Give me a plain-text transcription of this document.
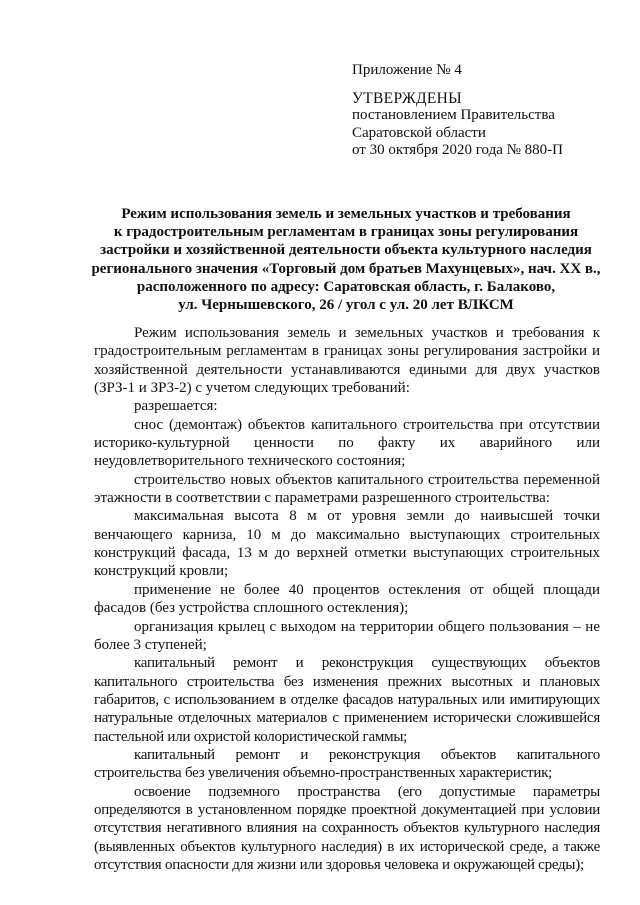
Приложение № 4
УТВЕРЖДЕНЫ
постановлением Правительства
Саратовской области
от 30 октября 2020 года № 880-П
Режим использования земель и земельных участков и требования
к градостроительным регламентам в границах зоны регулирования
застройки и хозяйственной деятельности объекта культурного наследия
регионального значения «Торговый дом братьев Махунцевых», нач. XX в.,
расположенного по адресу: Саратовская область, г. Балаково,
ул. Чернышевского, 26 / угол с ул. 20 лет ВЛКСМ

Режим использования земель и земельных участков и требования к градостроительным регламентам в границах зоны регулирования застройки и хозяйственной деятельности устанавливаются едиными для двух участков (ЗРЗ-1 и ЗРЗ-2) с учетом следующих требований:

разрешается:

снос (демонтаж) объектов капитального строительства при отсутствии историко-культурной ценности по факту их аварийного или неудовлетворительного технического состояния;

строительство новых объектов капитального строительства переменной этажности в соответствии с параметрами разрешенного строительства:

максимальная высота 8 м от уровня земли до наивысшей точки венчающего карниза, 10 м до максимально выступающих строительных конструкций фасада, 13 м до верхней отметки выступающих строительных конструкций кровли;

применение не более 40 процентов остекления от общей площади фасадов (без устройства сплошного остекления);

организация крылец с выходом на территории общего пользования – не более 3 ступеней;

капитальный ремонт и реконструкция существующих объектов капитального строительства без изменения прежних высотных и плановых габаритов, с использованием в отделке фасадов натуральных или имитирующих натуральные отделочных материалов с применением исторически сложившейся пастельной или охристой колористической гаммы;

капитальный ремонт и реконструкция объектов капитального строительства без увеличения объемно-пространственных характеристик;

освоение подземного пространства (его допустимые параметры определяются в установленном порядке проектной документацией при условии отсутствия негативного влияния на сохранность объектов культурного наследия (выявленных объектов культурного наследия) в их исторической среде, а также отсутствия опасности для жизни или здоровья человека и окружающей среды);
